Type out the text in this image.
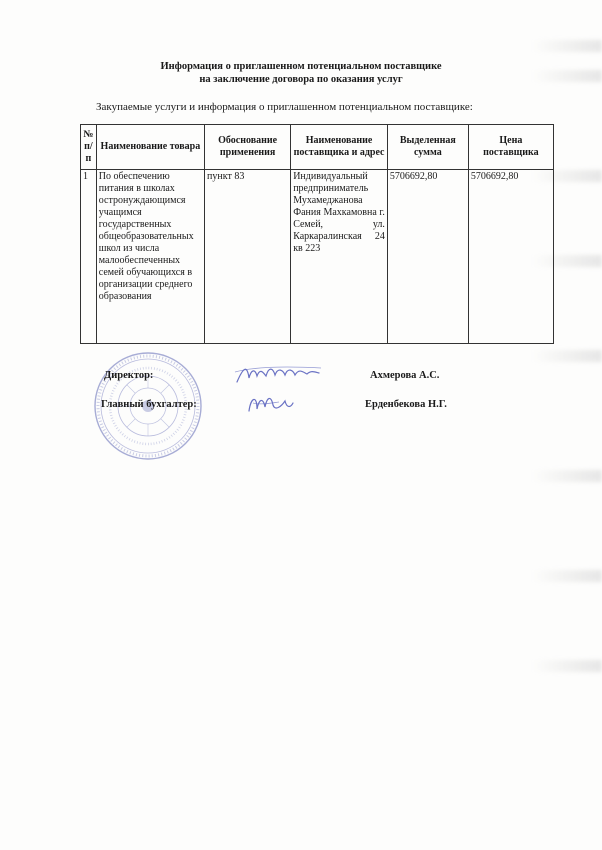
Информация о приглашенном потенциальном поставщике
на заключение договора по оказания услуг
Закупаемые услуги и информация о приглашенном потенциальном поставщике:
№ п/п	Наименование товара	Обоснование применения	Наименование поставщика и адрес	Выделенная сумма	Цена поставщика
1	По обеспечению питания в школах остронуждающимся учащимся государственных общеобразовательных школ из числа малообеспеченных семей обучающихся в организации среднего образования	пункт 83	Индивидуальный предприниматель Мухамеджанова Фания Махкамовна г. Семей, ул. Каркаралинская 24 кв 223	5706692,80	5706692,80
Директор:	Ахмерова А.С.
Главный бухгалтер:	Ерденбекова Н.Г.
